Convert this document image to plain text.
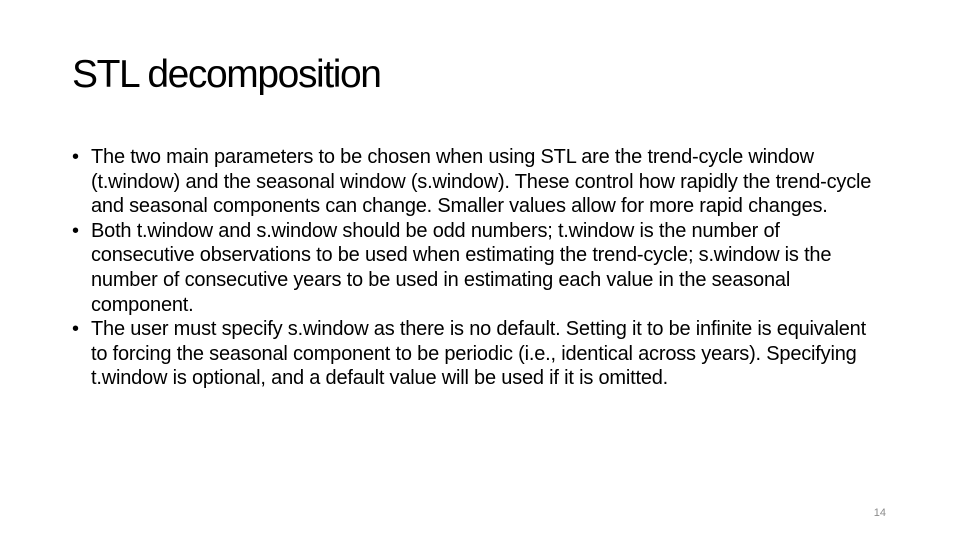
STL decomposition
• The two main parameters to be chosen when using STL are the trend-cycle window (t.window) and the seasonal window (s.window). These control how rapidly the trend-cycle and seasonal components can change. Smaller values allow for more rapid changes.
• Both t.window and s.window should be odd numbers; t.window is the number of consecutive observations to be used when estimating the trend-cycle; s.window is the number of consecutive years to be used in estimating each value in the seasonal component.
• The user must specify s.window as there is no default. Setting it to be infinite is equivalent to forcing the seasonal component to be periodic (i.e., identical across years). Specifying t.window is optional, and a default value will be used if it is omitted.
14
